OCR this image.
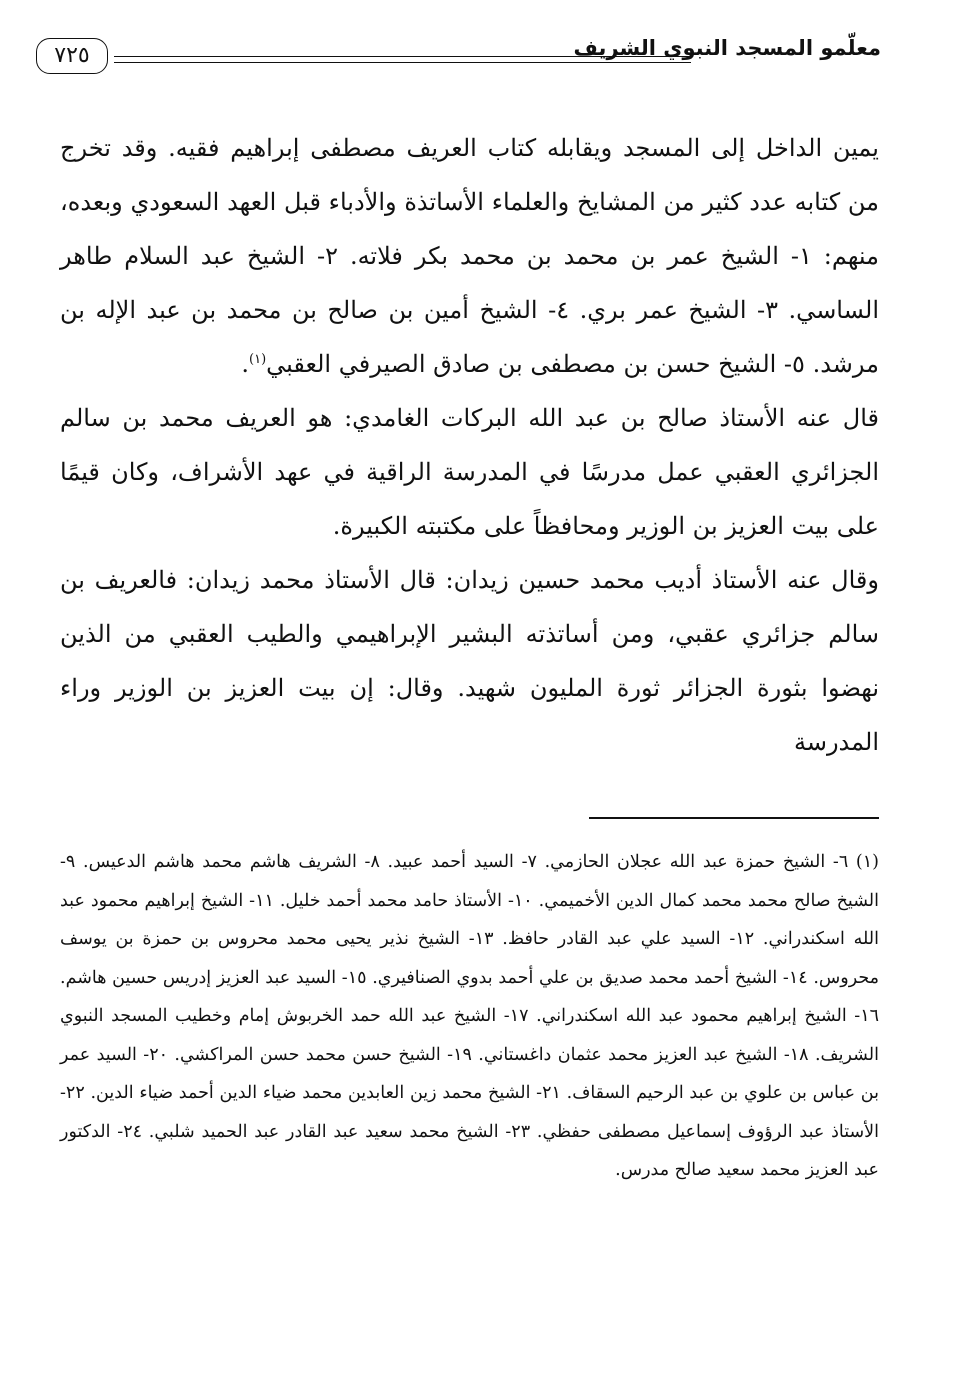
معلّمو المسجد النبوي الشريف
٧٢٥

يمين الداخل إلى المسجد ويقابله كتاب العريف مصطفى إبراهيم فقيه. وقد تخرج من كتابه عدد كثير من المشايخ والعلماء الأساتذة والأدباء قبل العهد السعودي وبعده، منهم: ١- الشيخ عمر بن محمد بن محمد بكر فلاته. ٢- الشيخ عبد السلام طاهر الساسي. ٣- الشيخ عمر بري. ٤- الشيخ أمين بن صالح بن محمد بن عبد الإله بن مرشد. ٥- الشيخ حسن بن مصطفى بن صادق الصيرفي العقبي$^{(١)}$.

قال عنه الأستاذ صالح بن عبد الله البركات الغامدي: هو العريف محمد بن سالم الجزائري العقبي عمل مدرسًا في المدرسة الراقية في عهد الأشراف، وكان قيمًا على بيت العزيز بن الوزير ومحافظاً على مكتبته الكبيرة.

وقال عنه الأستاذ أديب محمد حسين زيدان: قال الأستاذ محمد زيدان: فالعريف بن سالم جزائري عقبي، ومن أساتذته البشير الإبراهيمي والطيب العقبي من الذين نهضوا بثورة الجزائر ثورة المليون شهيد. وقال: إن بيت العزيز بن الوزير وراء المدرسة

(١) ٦- الشيخ حمزة عبد الله عجلان الحازمي. ٧- السيد أحمد عبيد. ٨- الشريف هاشم محمد هاشم الدعيس. ٩- الشيخ صالح محمد محمد كمال الدين الأخميمي. ١٠- الأستاذ حامد محمد أحمد خليل. ١١- الشيخ إبراهيم محمود عبد الله اسكندراني. ١٢- السيد علي عبد القادر حافظ. ١٣- الشيخ نذير يحيى محمد محروس بن حمزة بن يوسف محروس. ١٤- الشيخ أحمد محمد صديق بن علي أحمد بدوي الصنافيري. ١٥- السيد عبد العزيز إدريس حسين هاشم. ١٦- الشيخ إبراهيم محمود عبد الله اسكندراني. ١٧- الشيخ عبد الله حمد الخربوش إمام وخطيب المسجد النبوي الشريف. ١٨- الشيخ عبد العزيز محمد عثمان داغستاني. ١٩- الشيخ حسن محمد حسن المراكشي. ٢٠- السيد عمر بن عباس بن علوي بن عبد الرحيم السقاف. ٢١- الشيخ محمد زين العابدين محمد ضياء الدين أحمد ضياء الدين. ٢٢- الأستاذ عبد الرؤوف إسماعيل مصطفى حفظي. ٢٣- الشيخ محمد سعيد عبد القادر عبد الحميد شلبي. ٢٤- الدكتور عبد العزيز محمد سعيد صالح مدرس.
